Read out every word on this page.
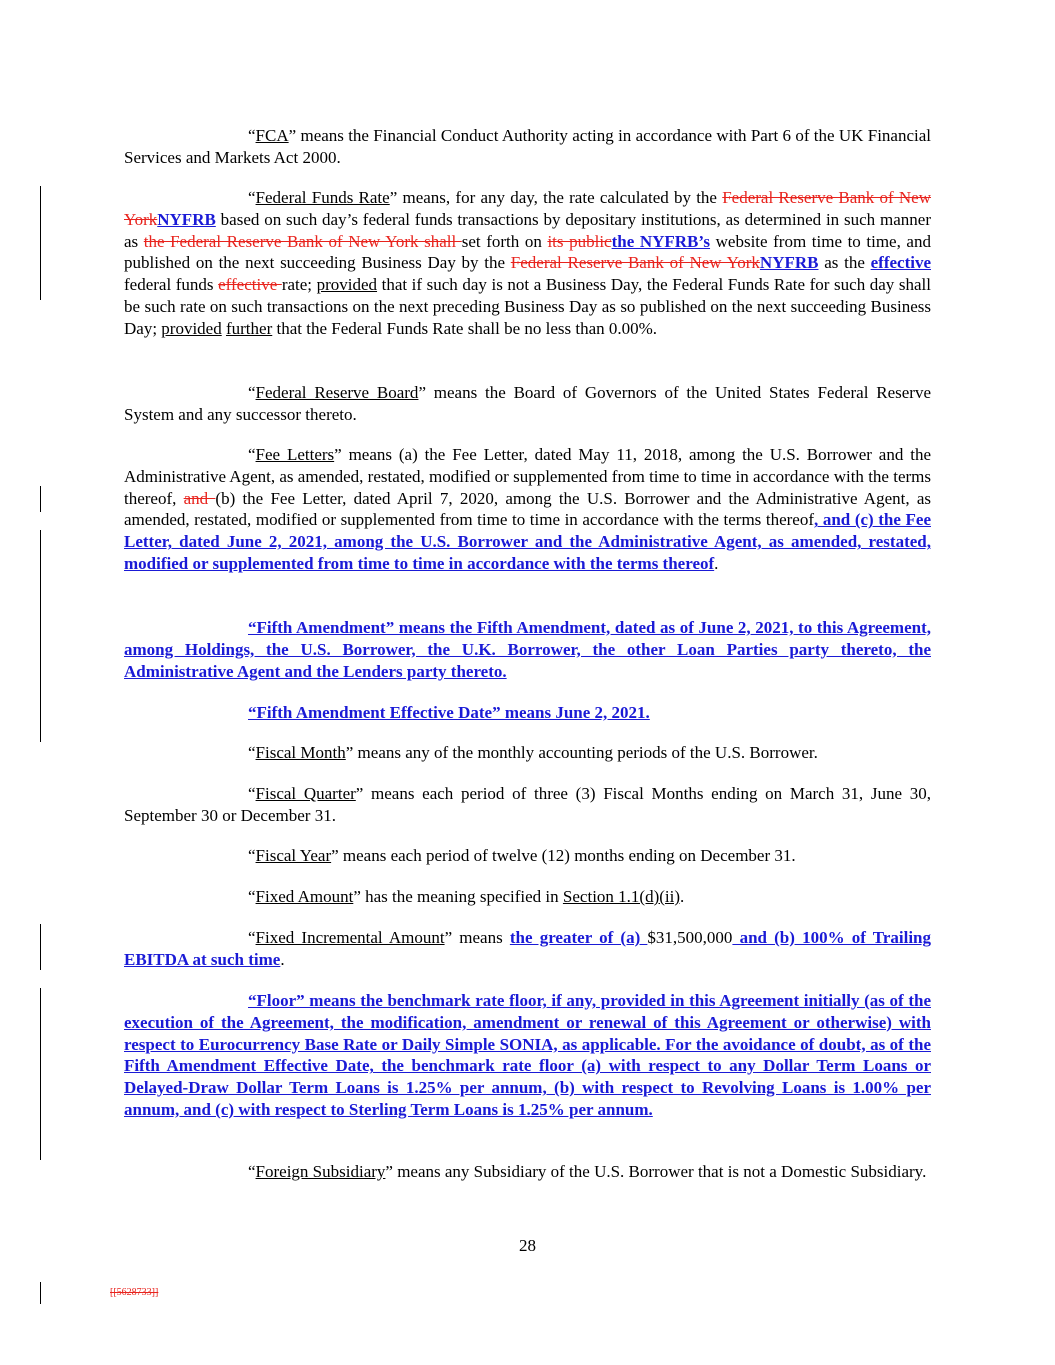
“FCA” means the Financial Conduct Authority acting in accordance with Part 6 of the UK Financial Services and Markets Act 2000.

“Federal Funds Rate” means, for any day, the rate calculated by the Federal Reserve Bank of New YorkNYFRB based on such day’s federal funds transactions by depositary institutions, as determined in such manner as the Federal Reserve Bank of New York shall set forth on its publicthe NYFRB’s website from time to time, and published on the next succeeding Business Day by the Federal Reserve Bank of New YorkNYFRB as the effective federal funds effective rate; provided that if such day is not a Business Day, the Federal Funds Rate for such day shall be such rate on such transactions on the next preceding Business Day as so published on the next succeeding Business Day; provided further that the Federal Funds Rate shall be no less than 0.00%.

“Federal Reserve Board” means the Board of Governors of the United States Federal Reserve System and any successor thereto.

“Fee Letters” means (a) the Fee Letter, dated May 11, 2018, among the U.S. Borrower and the Administrative Agent, as amended, restated, modified or supplemented from time to time in accordance with the terms thereof, and (b) the Fee Letter, dated April 7, 2020, among the U.S. Borrower and the Administrative Agent, as amended, restated, modified or supplemented from time to time in accordance with the terms thereof, and (c) the Fee Letter, dated June 2, 2021, among the U.S. Borrower and the Administrative Agent, as amended, restated, modified or supplemented from time to time in accordance with the terms thereof.

“Fifth Amendment” means the Fifth Amendment, dated as of June 2, 2021, to this Agreement, among Holdings, the U.S. Borrower, the U.K. Borrower, the other Loan Parties party thereto, the Administrative Agent and the Lenders party thereto.

“Fifth Amendment Effective Date” means June 2, 2021.

“Fiscal Month” means any of the monthly accounting periods of the U.S. Borrower.

“Fiscal Quarter” means each period of three (3) Fiscal Months ending on March 31, June 30, September 30 or December 31.

“Fiscal Year” means each period of twelve (12) months ending on December 31.

“Fixed Amount” has the meaning specified in Section 1.1(d)(ii).

“Fixed Incremental Amount” means the greater of (a) $31,500,000 and (b) 100% of Trailing EBITDA at such time.

“Floor” means the benchmark rate floor, if any, provided in this Agreement initially (as of the execution of the Agreement, the modification, amendment or renewal of this Agreement or otherwise) with respect to Eurocurrency Base Rate or Daily Simple SONIA, as applicable. For the avoidance of doubt, as of the Fifth Amendment Effective Date, the benchmark rate floor (a) with respect to any Dollar Term Loans or Delayed-Draw Dollar Term Loans is 1.25% per annum, (b) with respect to Revolving Loans is 1.00% per annum, and (c) with respect to Sterling Term Loans is 1.25% per annum.

“Foreign Subsidiary” means any Subsidiary of the U.S. Borrower that is not a Domestic Subsidiary.

28
[[5628733]]
